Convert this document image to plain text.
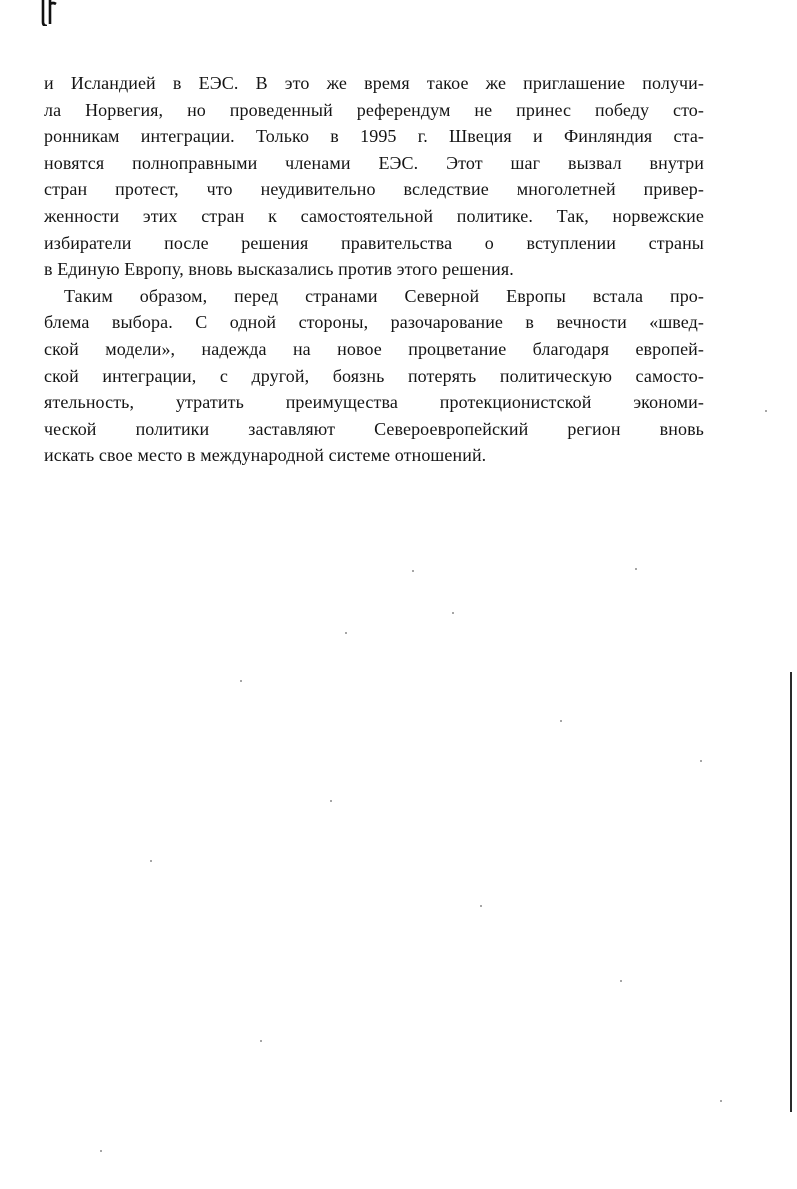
и Исландией в ЕЭС. В это же время такое же приглашение получи-
ла Норвегия, но проведенный референдум не принес победу сто-
ронникам интеграции. Только в 1995 г. Швеция и Финляндия ста-
новятся полноправными членами ЕЭС. Этот шаг вызвал внутри
стран протест, что неудивительно вследствие многолетней привер-
женности этих стран к самостоятельной политике. Так, норвежские
избиратели после решения правительства о вступлении страны
в Единую Европу, вновь высказались против этого решения.
Таким образом, перед странами Северной Европы встала про-
блема выбора. С одной стороны, разочарование в вечности «швед-
ской модели», надежда на новое процветание благодаря европей-
ской интеграции, с другой, боязнь потерять политическую самосто-
ятельность, утратить преимущества протекционистской экономи-
ческой политики заставляют Североевропейский регион вновь
искать свое место в международной системе отношений.
